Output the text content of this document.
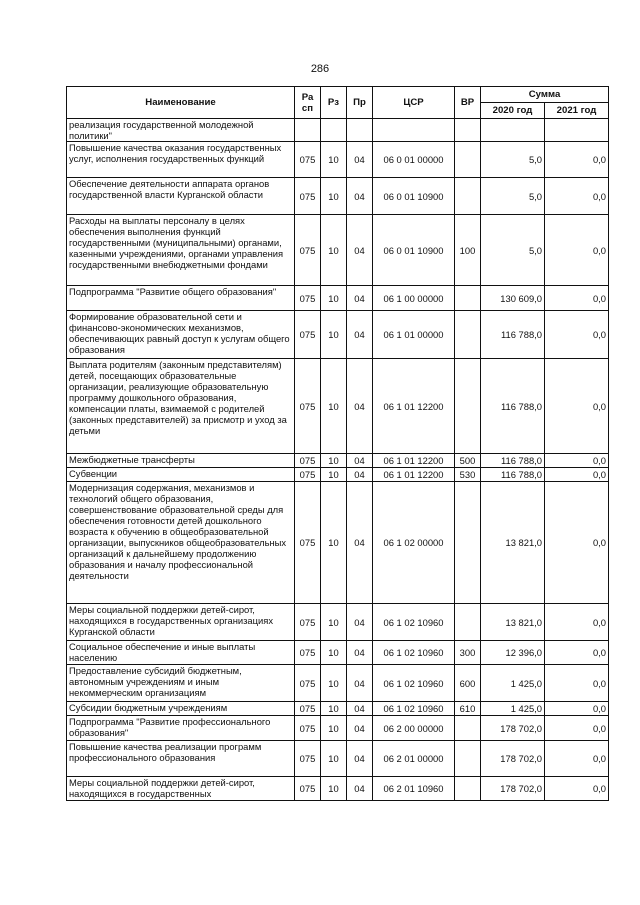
286
Наименование	Ра сп	Рз	Пр	ЦСР	ВР	Сумма	
						2020 год	2021 год
реализация государственной молодежной политики"							
Повышение качества оказания государственных услуг, исполнения государственных функций	075	10	04	06 0 01 00000		5,0	0,0
Обеспечение деятельности аппарата органов государственной власти Курганской области	075	10	04	06 0 01 10900		5,0	0,0
Расходы на выплаты персоналу в целях обеспечения выполнения функций государственными (муниципальными) органами, казенными учреждениями, органами управления государственными внебюджетными фондами	075	10	04	06 0 01 10900	100	5,0	0,0
Подпрограмма "Развитие общего образования"	075	10	04	06 1 00 00000		130 609,0	0,0
Формирование образовательной сети и финансово-экономических механизмов, обеспечивающих равный доступ к услугам общего образования	075	10	04	06 1 01 00000		116 788,0	0,0
Выплата родителям (законным представителям) детей, посещающих образовательные организации, реализующие образовательную программу дошкольного образования, компенсации платы, взимаемой с родителей (законных представителей) за присмотр и уход за детьми	075	10	04	06 1 01 12200		116 788,0	0,0
Межбюджетные трансферты	075	10	04	06 1 01 12200	500	116 788,0	0,0
Субвенции	075	10	04	06 1 01 12200	530	116 788,0	0,0
Модернизация содержания, механизмов и технологий общего образования, совершенствование образовательной среды для обеспечения готовности детей дошкольного возраста к обучению в общеобразовательной организации, выпускников общеобразовательных организаций к дальнейшему продолжению образования и началу профессиональной деятельности	075	10	04	06 1 02 00000		13 821,0	0,0
Меры социальной поддержки детей-сирот, находящихся в государственных организациях Курганской области	075	10	04	06 1 02 10960		13 821,0	0,0
Социальное обеспечение и иные выплаты населению	075	10	04	06 1 02 10960	300	12 396,0	0,0
Предоставление субсидий бюджетным, автономным учреждениям и иным некоммерческим организациям	075	10	04	06 1 02 10960	600	1 425,0	0,0
Субсидии бюджетным учреждениям	075	10	04	06 1 02 10960	610	1 425,0	0,0
Подпрограмма "Развитие профессионального образования"	075	10	04	06 2 00 00000		178 702,0	0,0
Повышение качества реализации программ профессионального образования	075	10	04	06 2 01 00000		178 702,0	0,0
Меры социальной поддержки детей-сирот, находящихся в государственных	075	10	04	06 2 01 10960		178 702,0	0,0
